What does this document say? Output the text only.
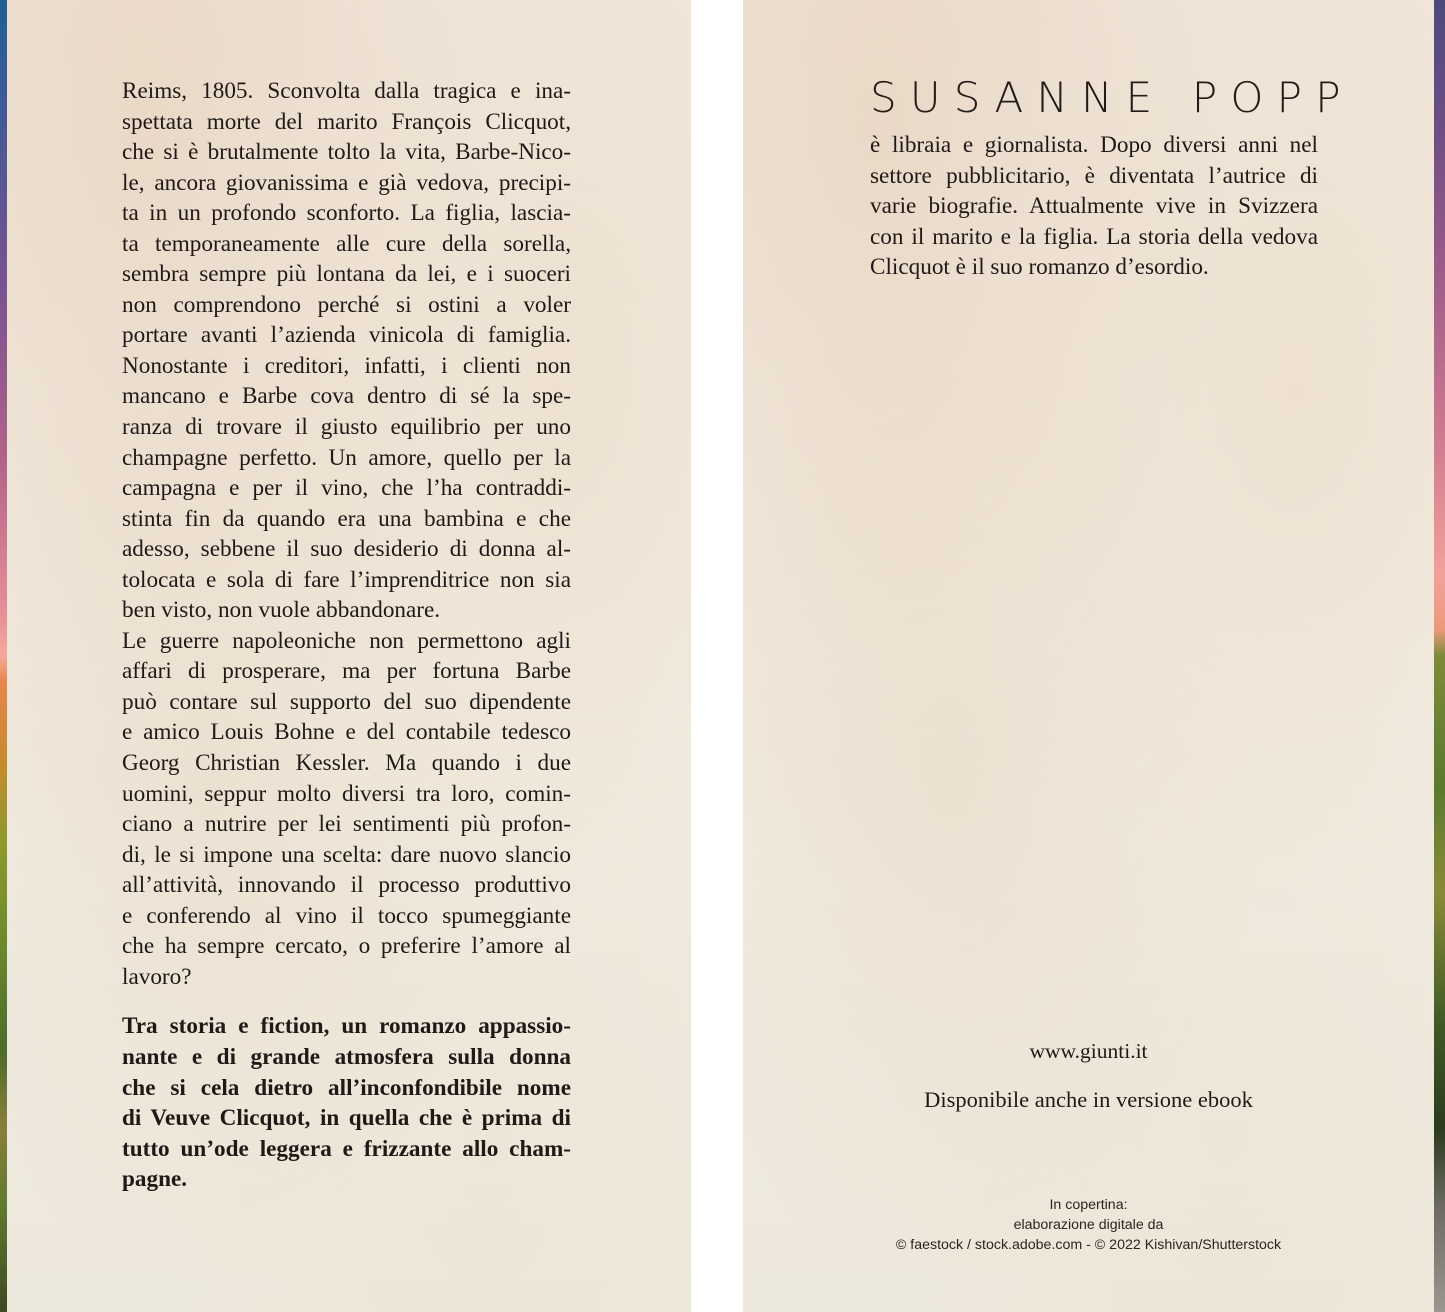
Reims, 1805. Sconvolta dalla tragica e ina-
spettata morte del marito François Clicquot,
che si è brutalmente tolto la vita, Barbe-Nico-
le, ancora giovanissima e già vedova, precipi-
ta in un profondo sconforto. La figlia, lascia-
ta temporaneamente alle cure della sorella,
sembra sempre più lontana da lei, e i suoceri
non comprendono perché si ostini a voler
portare avanti l’azienda vinicola di famiglia.
Nonostante i creditori, infatti, i clienti non
mancano e Barbe cova dentro di sé la spe-
ranza di trovare il giusto equilibrio per uno
champagne perfetto. Un amore, quello per la
campagna e per il vino, che l’ha contraddi-
stinta fin da quando era una bambina e che
adesso, sebbene il suo desiderio di donna al-
tolocata e sola di fare l’imprenditrice non sia
ben visto, non vuole abbandonare.

Le guerre napoleoniche non permettono agli
affari di prosperare, ma per fortuna Barbe
può contare sul supporto del suo dipendente
e amico Louis Bohne e del contabile tedesco
Georg Christian Kessler. Ma quando i due
uomini, seppur molto diversi tra loro, comin-
ciano a nutrire per lei sentimenti più profon-
di, le si impone una scelta: dare nuovo slancio
all’attività, innovando il processo produttivo
e conferendo al vino il tocco spumeggiante
che ha sempre cercato, o preferire l’amore al
lavoro?

Tra storia e fiction, un romanzo appassio-
nante e di grande atmosfera sulla donna
che si cela dietro all’inconfondibile nome
di Veuve Clicquot, in quella che è prima di
tutto un’ode leggera e frizzante allo cham-
pagne.

SUSANNE POPP
è libraia e giornalista. Dopo diversi anni nel
settore pubblicitario, è diventata l’autrice di
varie biografie. Attualmente vive in Svizzera
con il marito e la figlia. La storia della vedova
Clicquot è il suo romanzo d’esordio.
www.giunti.it
Disponibile anche in versione ebook
In copertina:
elaborazione digitale da
© faestock / stock.adobe.com - © 2022 Kishivan/Shutterstock
